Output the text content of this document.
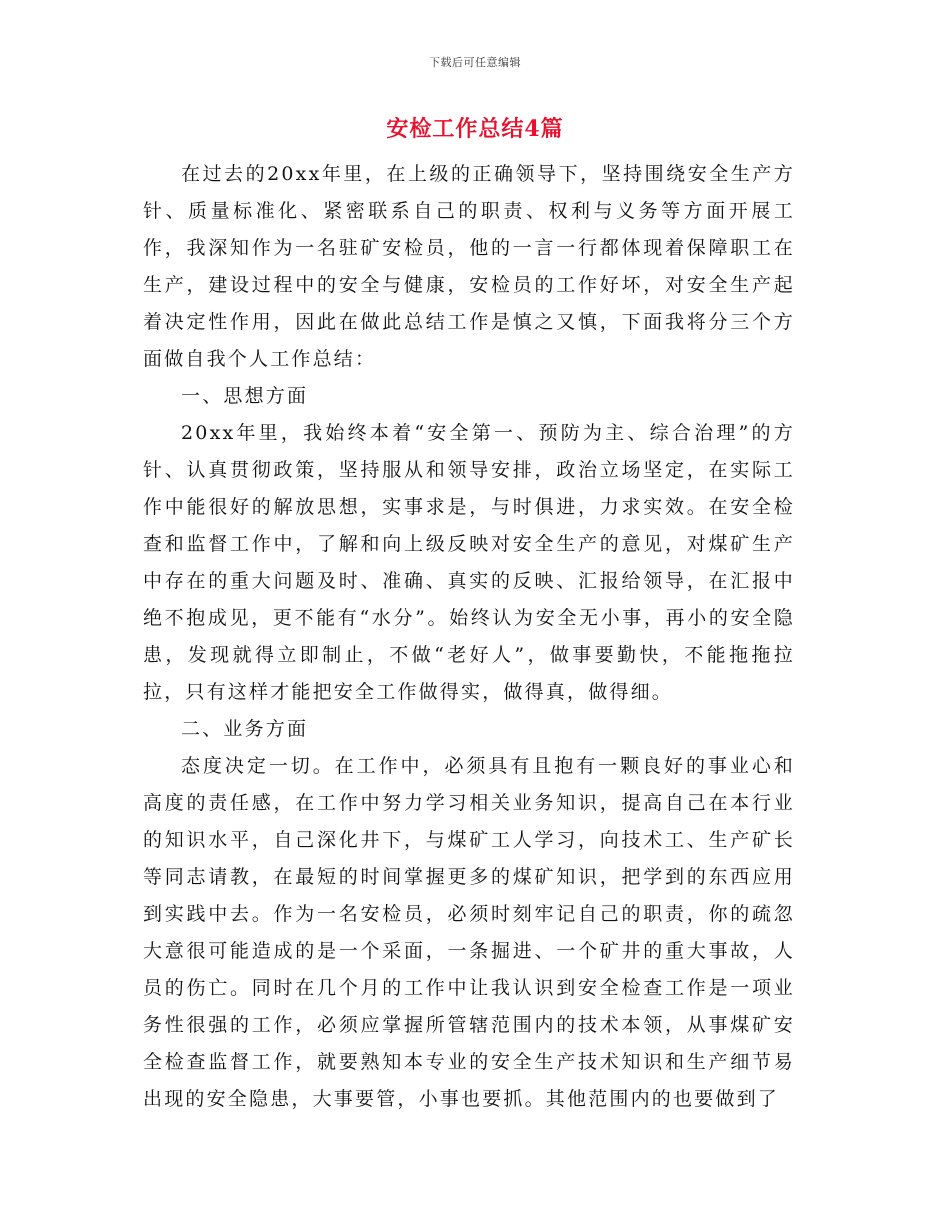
下载后可任意编辑
安检工作总结4篇

在过去的20xx年里，在上级的正确领导下，坚持围绕安全生产方针、质量标准化、紧密联系自己的职责、权利与义务等方面开展工作，我深知作为一名驻矿安检员，他的一言一行都体现着保障职工在生产，建设过程中的安全与健康，安检员的工作好坏，对安全生产起着决定性作用，因此在做此总结工作是慎之又慎，下面我将分三个方面做自我个人工作总结：

一、思想方面

20xx年里，我始终本着“安全第一、预防为主、综合治理”的方针、认真贯彻政策，坚持服从和领导安排，政治立场坚定，在实际工作中能很好的解放思想，实事求是，与时俱进，力求实效。在安全检查和监督工作中，了解和向上级反映对安全生产的意见，对煤矿生产中存在的重大问题及时、准确、真实的反映、汇报给领导，在汇报中绝不抱成见，更不能有“水分”。始终认为安全无小事，再小的安全隐患，发现就得立即制止，不做“老好人”，做事要勤快，不能拖拖拉拉，只有这样才能把安全工作做得实，做得真，做得细。

二、业务方面

态度决定一切。在工作中，必须具有且抱有一颗良好的事业心和高度的责任感，在工作中努力学习相关业务知识，提高自己在本行业的知识水平，自己深化井下，与煤矿工人学习，向技术工、生产矿长等同志请教，在最短的时间掌握更多的煤矿知识，把学到的东西应用到实践中去。作为一名安检员，必须时刻牢记自己的职责，你的疏忽大意很可能造成的是一个采面，一条掘进、一个矿井的重大事故，人员的伤亡。同时在几个月的工作中让我认识到安全检查工作是一项业务性很强的工作，必须应掌握所管辖范围内的技术本领，从事煤矿安全检查监督工作，就要熟知本专业的安全生产技术知识和生产细节易出现的安全隐患，大事要管，小事也要抓。其他范围内的也要做到了
